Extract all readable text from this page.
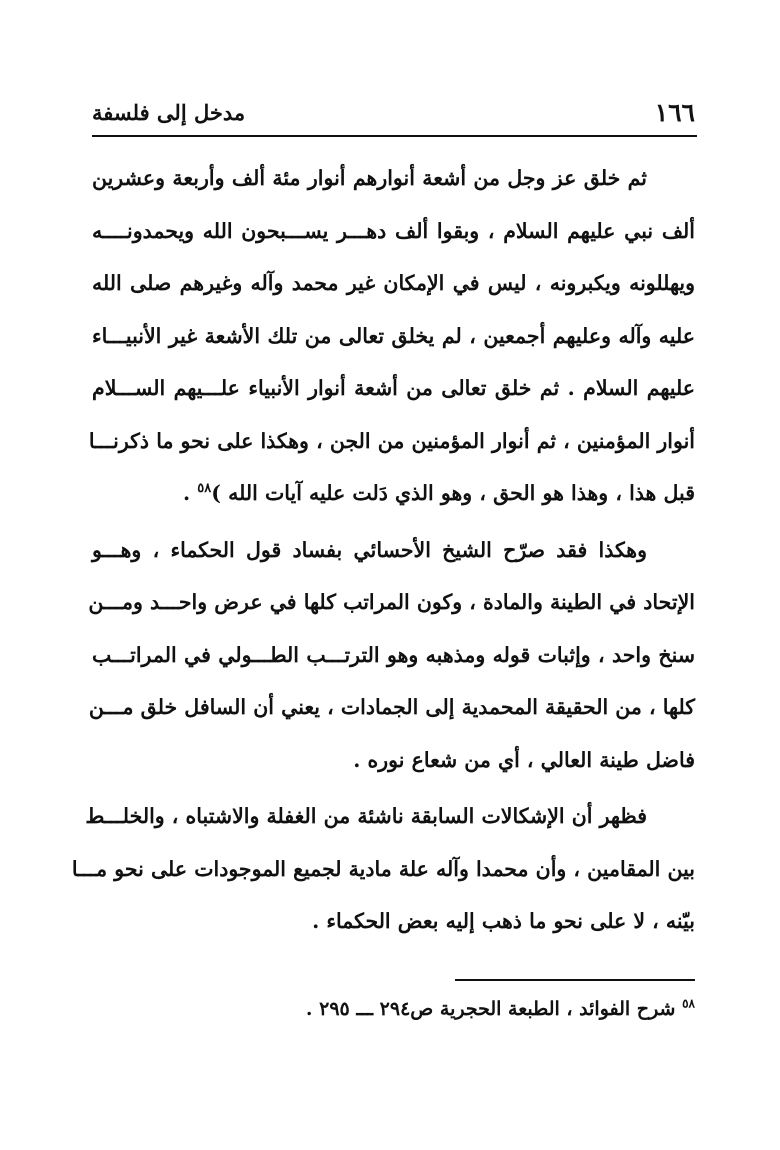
١٦٦
مدخل إلى فلسفة

ثم خلق عز وجل من أشعة أنوارهم أنوار مئة ألف وأربعة وعشرين
ألف نبي عليهم السلام ، وبقوا ألف دهـــر يســـبحون الله ويحمدونــــه
ويهللونه ويكبرونه ، ليس في الإمكان غير محمد وآله وغيرهم صلى الله
عليه وآله وعليهم أجمعين ، لم يخلق تعالى من تلك الأشعة غير الأنبيـــاء
عليهم السلام . ثم خلق تعالى من أشعة أنوار الأنبياء علـــيهم الســـلام
أنوار المؤمنين ، ثم أنوار المؤمنين من الجن ، وهكذا على نحو ما ذكرنـــا
قبل هذا ، وهذا هو الحق ، وهو الذي دَلت عليه آيات الله )$^{٥٨}$ .

وهكذا فقد صرّح الشيخ الأحسائي بفساد قول الحكماء ، وهـــو
الإتحاد في الطينة والمادة ، وكون المراتب كلها في عرض واحـــد ومـــن
سنخ واحد ، وإثبات قوله ومذهبه وهو الترتـــب الطـــولي في المراتـــب
كلها ، من الحقيقة المحمدية إلى الجمادات ، يعني أن السافل خلق مـــن
فاضل طينة العالي ، أي من شعاع نوره .

فظهر أن الإشكالات السابقة ناشئة من الغفلة والاشتباه ، والخلـــط
بين المقامين ، وأن محمدا وآله علة مادية لجميع الموجودات على نحو مـــا
بيّنه ، لا على نحو ما ذهب إليه بعض الحكماء .

$^{٥٨}$ شرح الفوائد ، الطبعة الحجرية ص٢٩٤ ـــ ٢٩٥ .
